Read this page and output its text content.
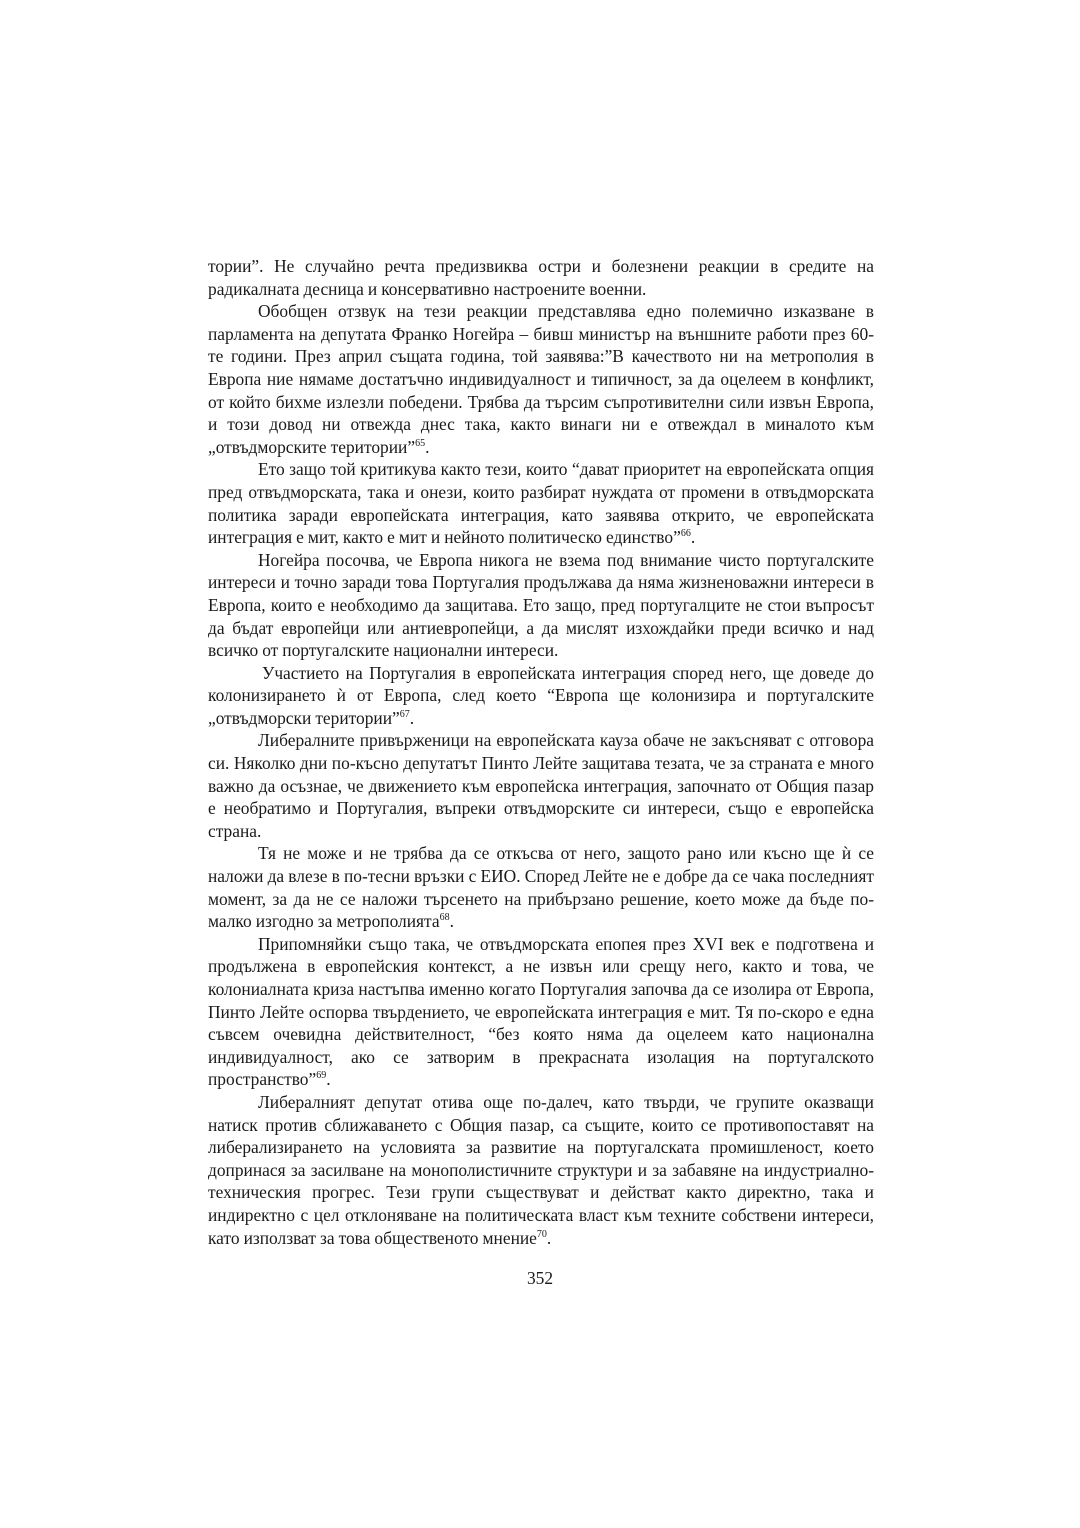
тории”. Не случайно речта предизвиква остри и болезнени реакции в средите на радикалната десница и консервативно настроените военни.

Обобщен отзвук на тези реакции представлява едно полемично изказване в парламента на депутата Франко Ногейра – бивш министър на външните работи през 60-те години. През април същата година, той заявява:”В качеството ни на метрополия в Европа ние нямаме достатъчно индивидуалност и типичност, за да оцелеем в конфликт, от който бихме излезли победени. Трябва да търсим съпротивителни сили извън Европа, и този довод ни отвежда днес така, както винаги ни е отвеждал в миналото към „отвъдморските територии”$^{65}$.

Ето защо той критикува както тези, които “дават приоритет на европейската опция пред отвъдморската, така и онези, които разбират нуждата от промени в отвъдморската политика заради европейската интеграция, като заявява открито, че европейската интеграция е мит, както е мит и нейното политическо единство”$^{66}$.

Ногейра посочва, че Европа никога не взема под внимание чисто португалските интереси и точно заради това Португалия продължава да няма жизненоважни интереси в Европа, които е необходимо да защитава. Ето защо, пред португалците не стои въпросът да бъдат европейци или антиевропейци, а да мислят изхождайки преди всичко и над всичко от португалските национални интереси.

Участието на Португалия в европейската интеграция според него, ще доведе до колонизирането ѝ от Европа, след което “Европа ще колонизира и португалските „отвъдморски територии”$^{67}$.

Либералните привърженици на европейската кауза обаче не закъсняват с отговора си. Няколко дни по-късно депутатът Пинто Лейте защитава тезата, че за страната е много важно да осъзнае, че движението към европейска интеграция, започнато от Общия пазар е необратимо и Португалия, въпреки отвъдморските си интереси, също е европейска страна.

Тя не може и не трябва да се откъсва от него, защото рано или късно ще ѝ се наложи да влезе в по-тесни връзки с ЕИО. Според Лейте не е добре да се чака последният момент, за да не се наложи търсенето на прибързано решение, което може да бъде по-малко изгодно за метрополията$^{68}$.

Припомняйки също така, че отвъдморската епопея през XVI век е подготвена и продължена в европейския контекст, а не извън или срещу него, както и това, че колониалната криза настъпва именно когато Португалия започва да се изолира от Европа, Пинто Лейте оспорва твърдението, че европейската интеграция е мит. Тя по-скоро е една съвсем очевидна действителност, “без която няма да оцелеем като национална индивидуалност, ако се затворим в прекрасната изолация на португалското пространство”$^{69}$.

Либералният депутат отива още по-далеч, като твърди, че групите оказващи натиск против сближаването с Общия пазар, са същите, които се противопоставят на либерализирането на условията за развитие на португалската промишленост, което допринася за засилване на монополистичните структури и за забавяне на индустриално-техническия прогрес. Тези групи съществуват и действат както директно, така и индиректно с цел отклоняване на политическата власт към техните собствени интереси, като използват за това общественото мнение$^{70}$.

352
